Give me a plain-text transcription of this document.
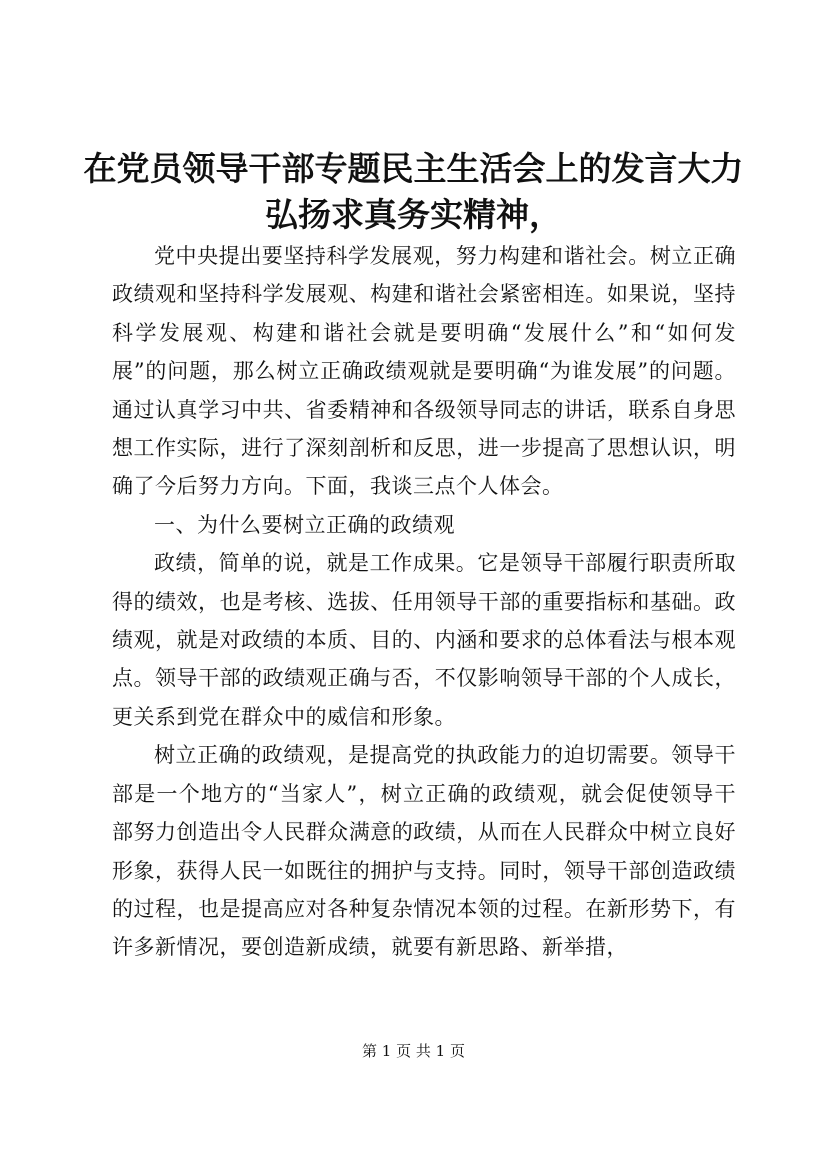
在党员领导干部专题民主生活会上的发言大力弘扬求真务实精神，

党中央提出要坚持科学发展观，努力构建和谐社会。树立正确政绩观和坚持科学发展观、构建和谐社会紧密相连。如果说，坚持科学发展观、构建和谐社会就是要明确“发展什么”和“如何发展”的问题，那么树立正确政绩观就是要明确“为谁发展”的问题。通过认真学习中共、省委精神和各级领导同志的讲话，联系自身思想工作实际，进行了深刻剖析和反思，进一步提高了思想认识，明确了今后努力方向。下面，我谈三点个人体会。

一、为什么要树立正确的政绩观

政绩，简单的说，就是工作成果。它是领导干部履行职责所取得的绩效，也是考核、选拔、任用领导干部的重要指标和基础。政绩观，就是对政绩的本质、目的、内涵和要求的总体看法与根本观点。领导干部的政绩观正确与否，不仅影响领导干部的个人成长，更关系到党在群众中的威信和形象。

树立正确的政绩观，是提高党的执政能力的迫切需要。领导干部是一个地方的“当家人”，树立正确的政绩观，就会促使领导干部努力创造出令人民群众满意的政绩，从而在人民群众中树立良好形象，获得人民一如既往的拥护与支持。同时，领导干部创造政绩的过程，也是提高应对各种复杂情况本领的过程。在新形势下，有许多新情况，要创造新成绩，就要有新思路、新举措，

第 1 页 共 1 页
